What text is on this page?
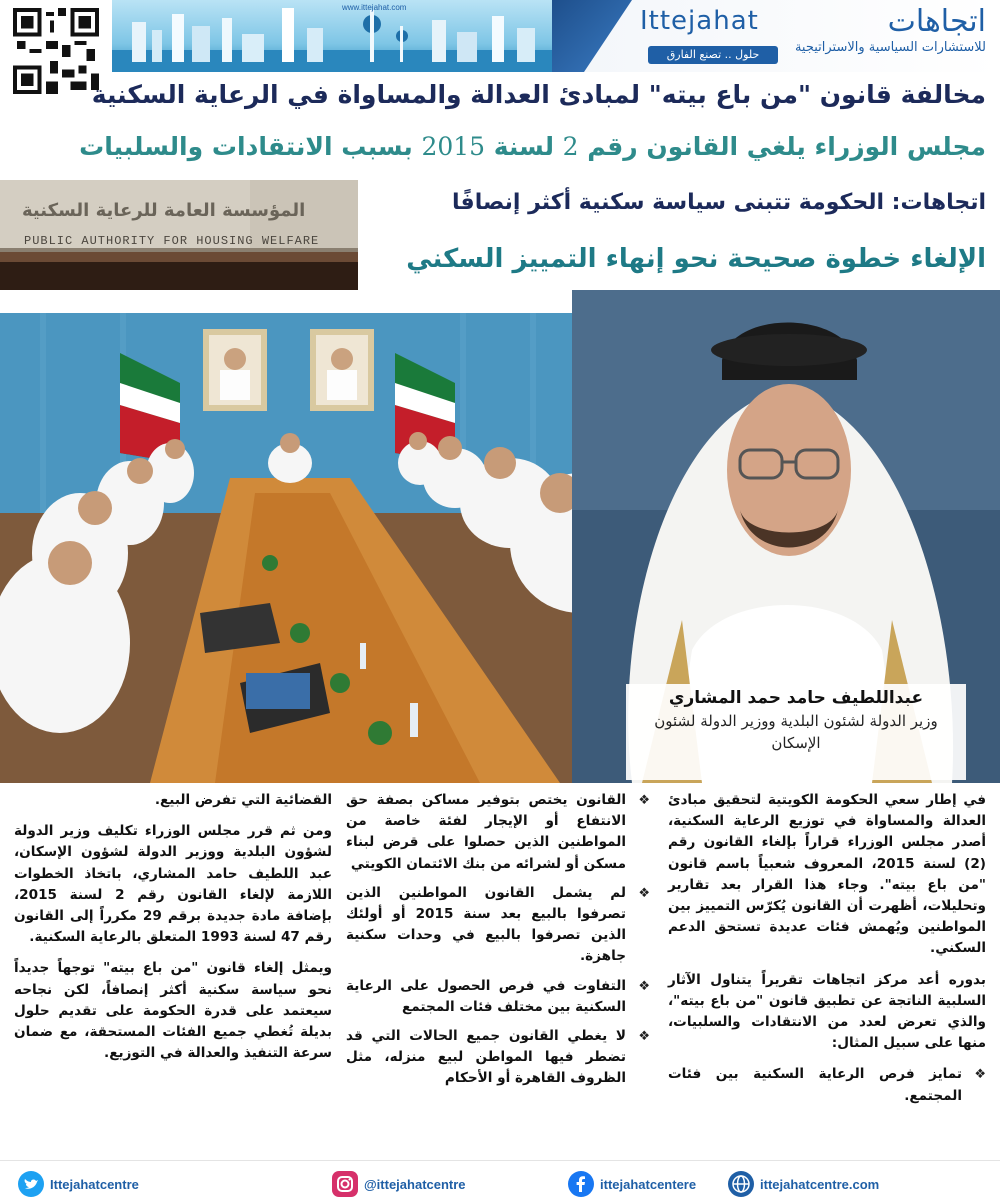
www.ittejahat.com	Ittejahat	اتجاهات
للاستشارات السياسية والاستراتيجية
حلول .. تصنع الفارق
مخالفة قانون "من باع بيته" لمبادئ العدالة والمساواة في الرعاية السكنية
مجلس الوزراء يلغي القانون رقم 2 لسنة 2015 بسبب الانتقادات والسلبيات
اتجاهات: الحكومة تتبنى سياسة سكنية أكثر إنصافًا
الإلغاء خطوة صحيحة نحو إنهاء التمييز السكني
المؤسسة العامة للرعاية السكنية
PUBLIC AUTHORITY FOR HOUSING WELFARE
عبداللطيف حامد حمد المشاري
وزير الدولة لشئون البلدية ووزير الدولة لشئون الإسكان

في إطار سعي الحكومة الكويتية لتحقيق مبادئ العدالة والمساواة في توزيع الرعاية السكنية، أصدر مجلس الوزراء قراراً بإلغاء القانون رقم (2) لسنة 2015، المعروف شعبياً باسم قانون "من باع بيته". وجاء هذا القرار بعد تقارير وتحليلات، أظهرت أن القانون يُكرّس التمييز بين المواطنين ويُهمش فئات عديدة تستحق الدعم السكني.

بدوره أعد مركز اتجاهات تقريراً يتناول الآثار السلبية الناتجة عن تطبيق قانون "من باع بيته"، والذي تعرض لعدد من الانتقادات والسلبيات، منها على سبيل المثال:

❖
تمايز فرص الرعاية السكنية بين فئات المجتمع.
❖
القانون يختص بتوفير مساكن بصفة حق الانتفاع أو الإيجار لفئة خاصة من المواطنين الذين حصلوا على قرض لبناء مسكن أو لشرائه من بنك الائتمان الكويتي
❖
لم يشمل القانون المواطنين الذين تصرفوا بالبيع بعد سنة 2015 أو أولئك الذين تصرفوا بالبيع في وحدات سكنية جاهزة.
❖
التفاوت في فرص الحصول على الرعاية السكنية بين مختلف فئات المجتمع
❖
لا يغطي القانون جميع الحالات التي قد تضطر فيها المواطن لبيع منزله، مثل الظروف القاهرة أو الأحكام

القضائية التي تفرض البيع.

ومن ثم قرر مجلس الوزراء تكليف وزير الدولة لشؤون البلدية ووزير الدولة لشؤون الإسكان، عبد اللطيف حامد المشاري، باتخاذ الخطوات اللازمة لإلغاء القانون رقم 2 لسنة 2015، بإضافة مادة جديدة برقم 29 مكرراً إلى القانون رقم 47 لسنة 1993 المتعلق بالرعاية السكنية.

ويمثل إلغاء قانون "من باع بيته" توجهاً جديداً نحو سياسة سكنية أكثر إنصافاً، لكن نجاحه سيعتمد على قدرة الحكومة على تقديم حلول بديلة تُغطي جميع الفئات المستحقة، مع ضمان سرعة التنفيذ والعدالة في التوزيع.

Ittejahatcentre	@ittejahatcentre	ittejahatcentere	ittejahatcentre.com
